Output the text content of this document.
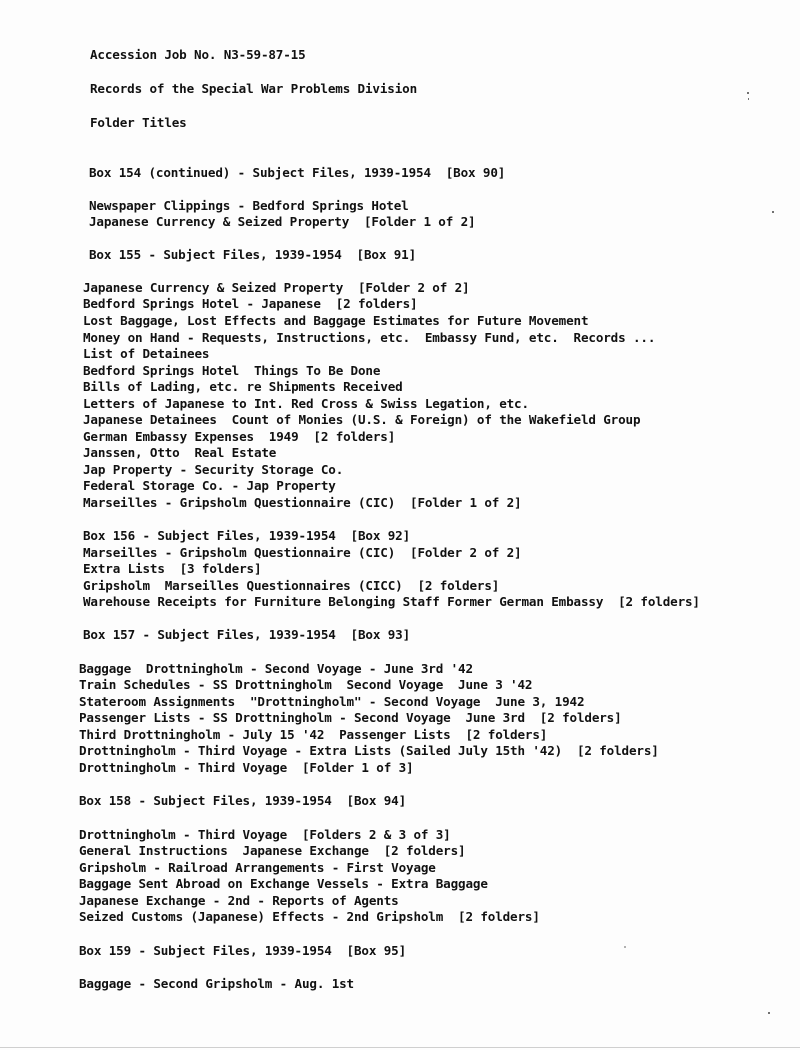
Accession Job No. N3-59-87-15
Records of the Special War Problems Division
Folder Titles
Box 154 (continued) - Subject Files, 1939-1954  [Box 90]
Newspaper Clippings - Bedford Springs Hotel
Japanese Currency & Seized Property  [Folder 1 of 2]
Box 155 - Subject Files, 1939-1954  [Box 91]
Japanese Currency & Seized Property  [Folder 2 of 2]
Bedford Springs Hotel - Japanese  [2 folders]
Lost Baggage, Lost Effects and Baggage Estimates for Future Movement
Money on Hand - Requests, Instructions, etc.  Embassy Fund, etc.  Records ...
List of Detainees
Bedford Springs Hotel  Things To Be Done
Bills of Lading, etc. re Shipments Received
Letters of Japanese to Int. Red Cross & Swiss Legation, etc.
Japanese Detainees  Count of Monies (U.S. & Foreign) of the Wakefield Group
German Embassy Expenses  1949  [2 folders]
Janssen, Otto  Real Estate
Jap Property - Security Storage Co.
Federal Storage Co. - Jap Property
Marseilles - Gripsholm Questionnaire (CIC)  [Folder 1 of 2]
Box 156 - Subject Files, 1939-1954  [Box 92]
Marseilles - Gripsholm Questionnaire (CIC)  [Folder 2 of 2]
Extra Lists  [3 folders]
Gripsholm  Marseilles Questionnaires (CICC)  [2 folders]
Warehouse Receipts for Furniture Belonging Staff Former German Embassy  [2 folders]
Box 157 - Subject Files, 1939-1954  [Box 93]
Baggage  Drottningholm - Second Voyage - June 3rd '42
Train Schedules - SS Drottningholm  Second Voyage  June 3 '42
Stateroom Assignments  "Drottningholm" - Second Voyage  June 3, 1942
Passenger Lists - SS Drottningholm - Second Voyage  June 3rd  [2 folders]
Third Drottningholm - July 15 '42  Passenger Lists  [2 folders]
Drottningholm - Third Voyage - Extra Lists (Sailed July 15th '42)  [2 folders]
Drottningholm - Third Voyage  [Folder 1 of 3]
Box 158 - Subject Files, 1939-1954  [Box 94]
Drottningholm - Third Voyage  [Folders 2 & 3 of 3]
General Instructions  Japanese Exchange  [2 folders]
Gripsholm - Railroad Arrangements - First Voyage
Baggage Sent Abroad on Exchange Vessels - Extra Baggage
Japanese Exchange - 2nd - Reports of Agents
Seized Customs (Japanese) Effects - 2nd Gripsholm  [2 folders]
Box 159 - Subject Files, 1939-1954  [Box 95]
Baggage - Second Gripsholm - Aug. 1st
